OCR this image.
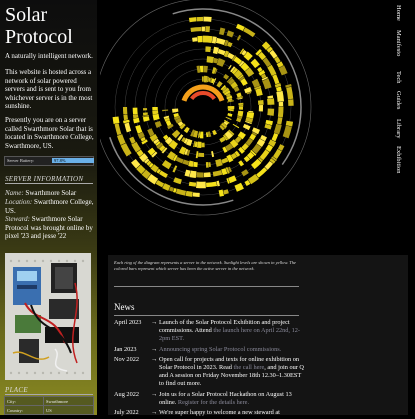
Solar
Protocol
A naturally intelligent network.
This website is hosted across a network of solar powered servers and is sent to you from whichever server is in the most sunshine.
Presently you are on a server called Swarthmore Solar that is located in Swarthmore College, Swarthmore, US.
Server Battery:	97.8%
SERVER INFORMATION
Name: Swarthmore Solar
Location: Swarthmore College, US.
Steward: Swarthmore Solar Protocol was brought online by pixel '23 and jesse '22
PLACE
City:	Swarthmore
Country:	US
Home
Manifesto
Tech
Guides
Library
Exhibition
Each ring of the diagram represents a server in the network. Sunlight levels are shown in yellow. The colored bars represent which server has been the active server in the network.
News
April 2023 → Launch of the Solar Protocol Exhibition and project commissions. Attend the launch here on April 22nd, 12-2pm EST.
Jan 2023 → Announcing spring Solar Protocol commissions.
Nov 2022 → Open call for projects and texts for online exhibition on Solar Protocol in 2023. Read the call here, and join our Q and A session on Friday November 18th 12.30–1.30EST to find out more.
Aug 2022 → Join us for a Solar Protocol Hackathon on August 13 online. Register for the details here.
July 2022 → We're super happy to welcome a new steward at
